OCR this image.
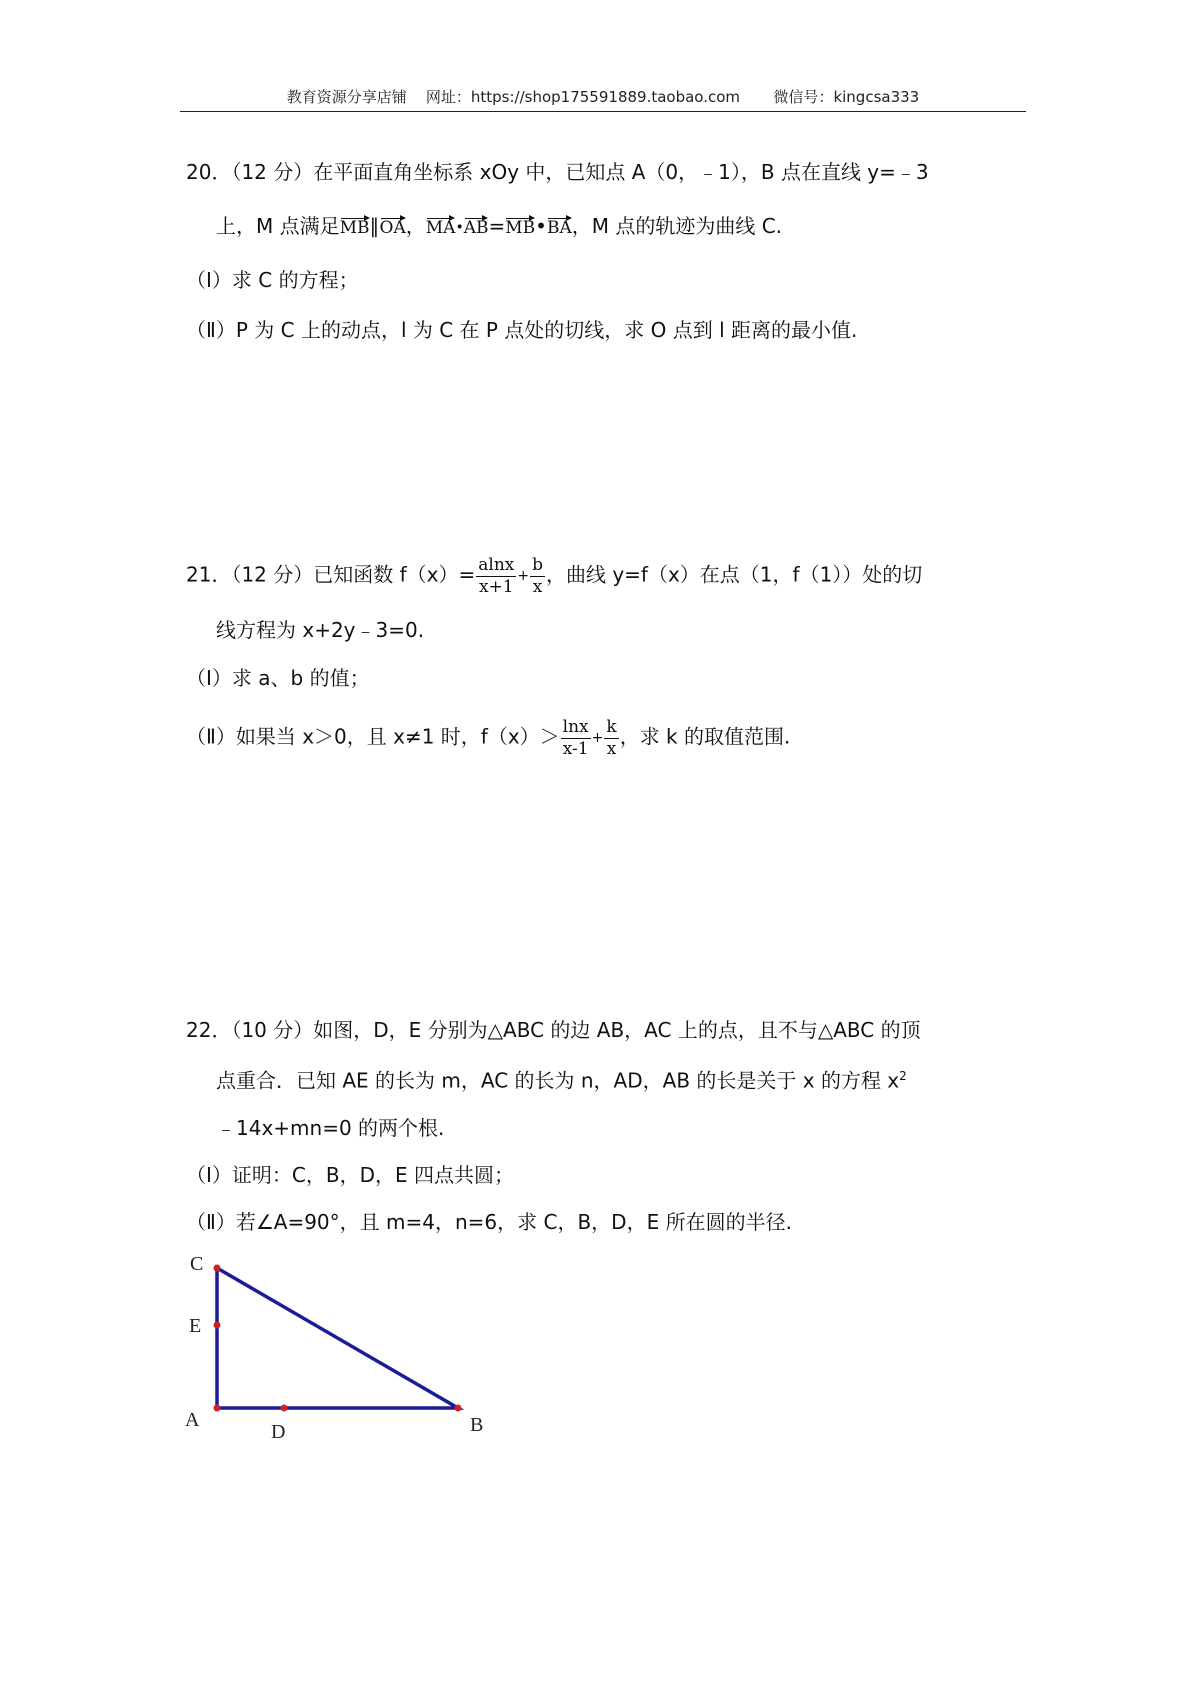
教育资源分享店铺 网址：https://shop175591889.taobao.com 微信号：kingcsa333
20．（12 分）在平面直角坐标系 xOy 中，已知点 A（0，﹣1），B 点在直线 y=﹣3
上，M 点满足MB∥OA，MA•AB=MB•BA，M 点的轨迹为曲线 C.
（Ⅰ）求 C 的方程；
（Ⅱ）P 为 C 上的动点，l 为 C 在 P 点处的切线，求 O 点到 l 距离的最小值.
21．（12 分）已知函数 $f(x)= \frac{alnx}{x+1} + \frac{b}{x}$ ，曲线 y=f（x）在点（1，f（1））处的切
线方程为 x+2y﹣3=0.
（Ⅰ）求 a、b 的值；
（Ⅱ）如果当 x＞0，且 x≠1 时，$f(x)> \frac{\ln x}{x-1} + \frac{k}{x}$ ，求 k 的取值范围.
22．（10 分）如图，D，E 分别为△ABC 的边 AB，AC 上的点，且不与△ABC 的顶
点重合．已知 AE 的长为 m，AC 的长为 n，AD，AB 的长是关于 x 的方程 $x^2$
﹣14x+mn=0 的两个根.
（Ⅰ）证明：C，B，D，E 四点共圆；
（Ⅱ）若∠A=90°，且 m=4，n=6，求 C，B，D，E 所在圆的半径.
C
E
A
D	B
